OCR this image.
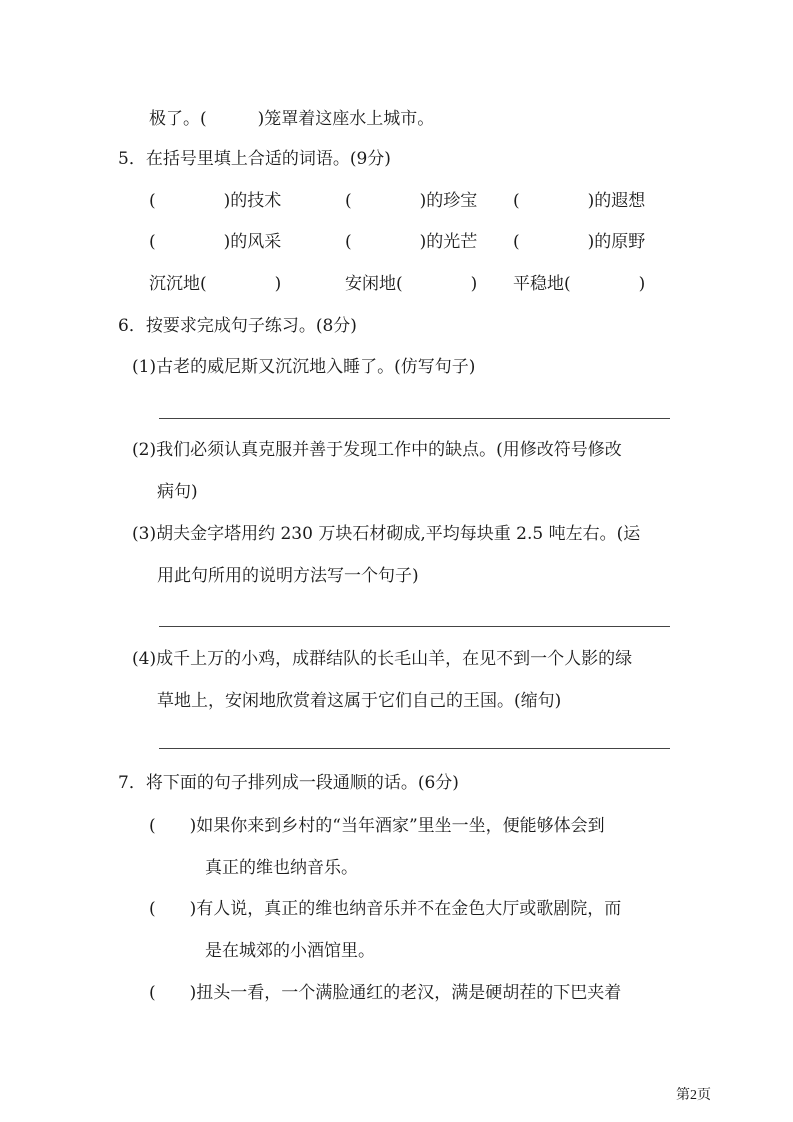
极了。(　　　)笼罩着这座水上城市。
5．在括号里填上合适的词语。(9分)
(　　　　)的技术	(　　　　)的珍宝 (　　　　)的遐想
(　　　　)的风采	(　　　　)的光芒 (　　　　)的原野
沉沉地(　　　　)	安闲地(　　　　) 平稳地(　　　　)
6．按要求完成句子练习。(8分)
(1)古老的威尼斯又沉沉地入睡了。(仿写句子)
(2)我们必须认真克服并善于发现工作中的缺点。(用修改符号修改
病句)
(3)胡夫金字塔用约 230 万块石材砌成,平均每块重 2.5 吨左右。(运
用此句所用的说明方法写一个句子)
(4)成千上万的小鸡，成群结队的长毛山羊，在见不到一个人影的绿
草地上，安闲地欣赏着这属于它们自己的王国。(缩句)
7．将下面的句子排列成一段通顺的话。(6分)
(　　)如果你来到乡村的“当年酒家”里坐一坐，便能够体会到
真正的维也纳音乐。
(　　)有人说，真正的维也纳音乐并不在金色大厅或歌剧院，而
是在城郊的小酒馆里。
(　　)扭头一看，一个满脸通红的老汉，满是硬胡茬的下巴夹着
第2页
